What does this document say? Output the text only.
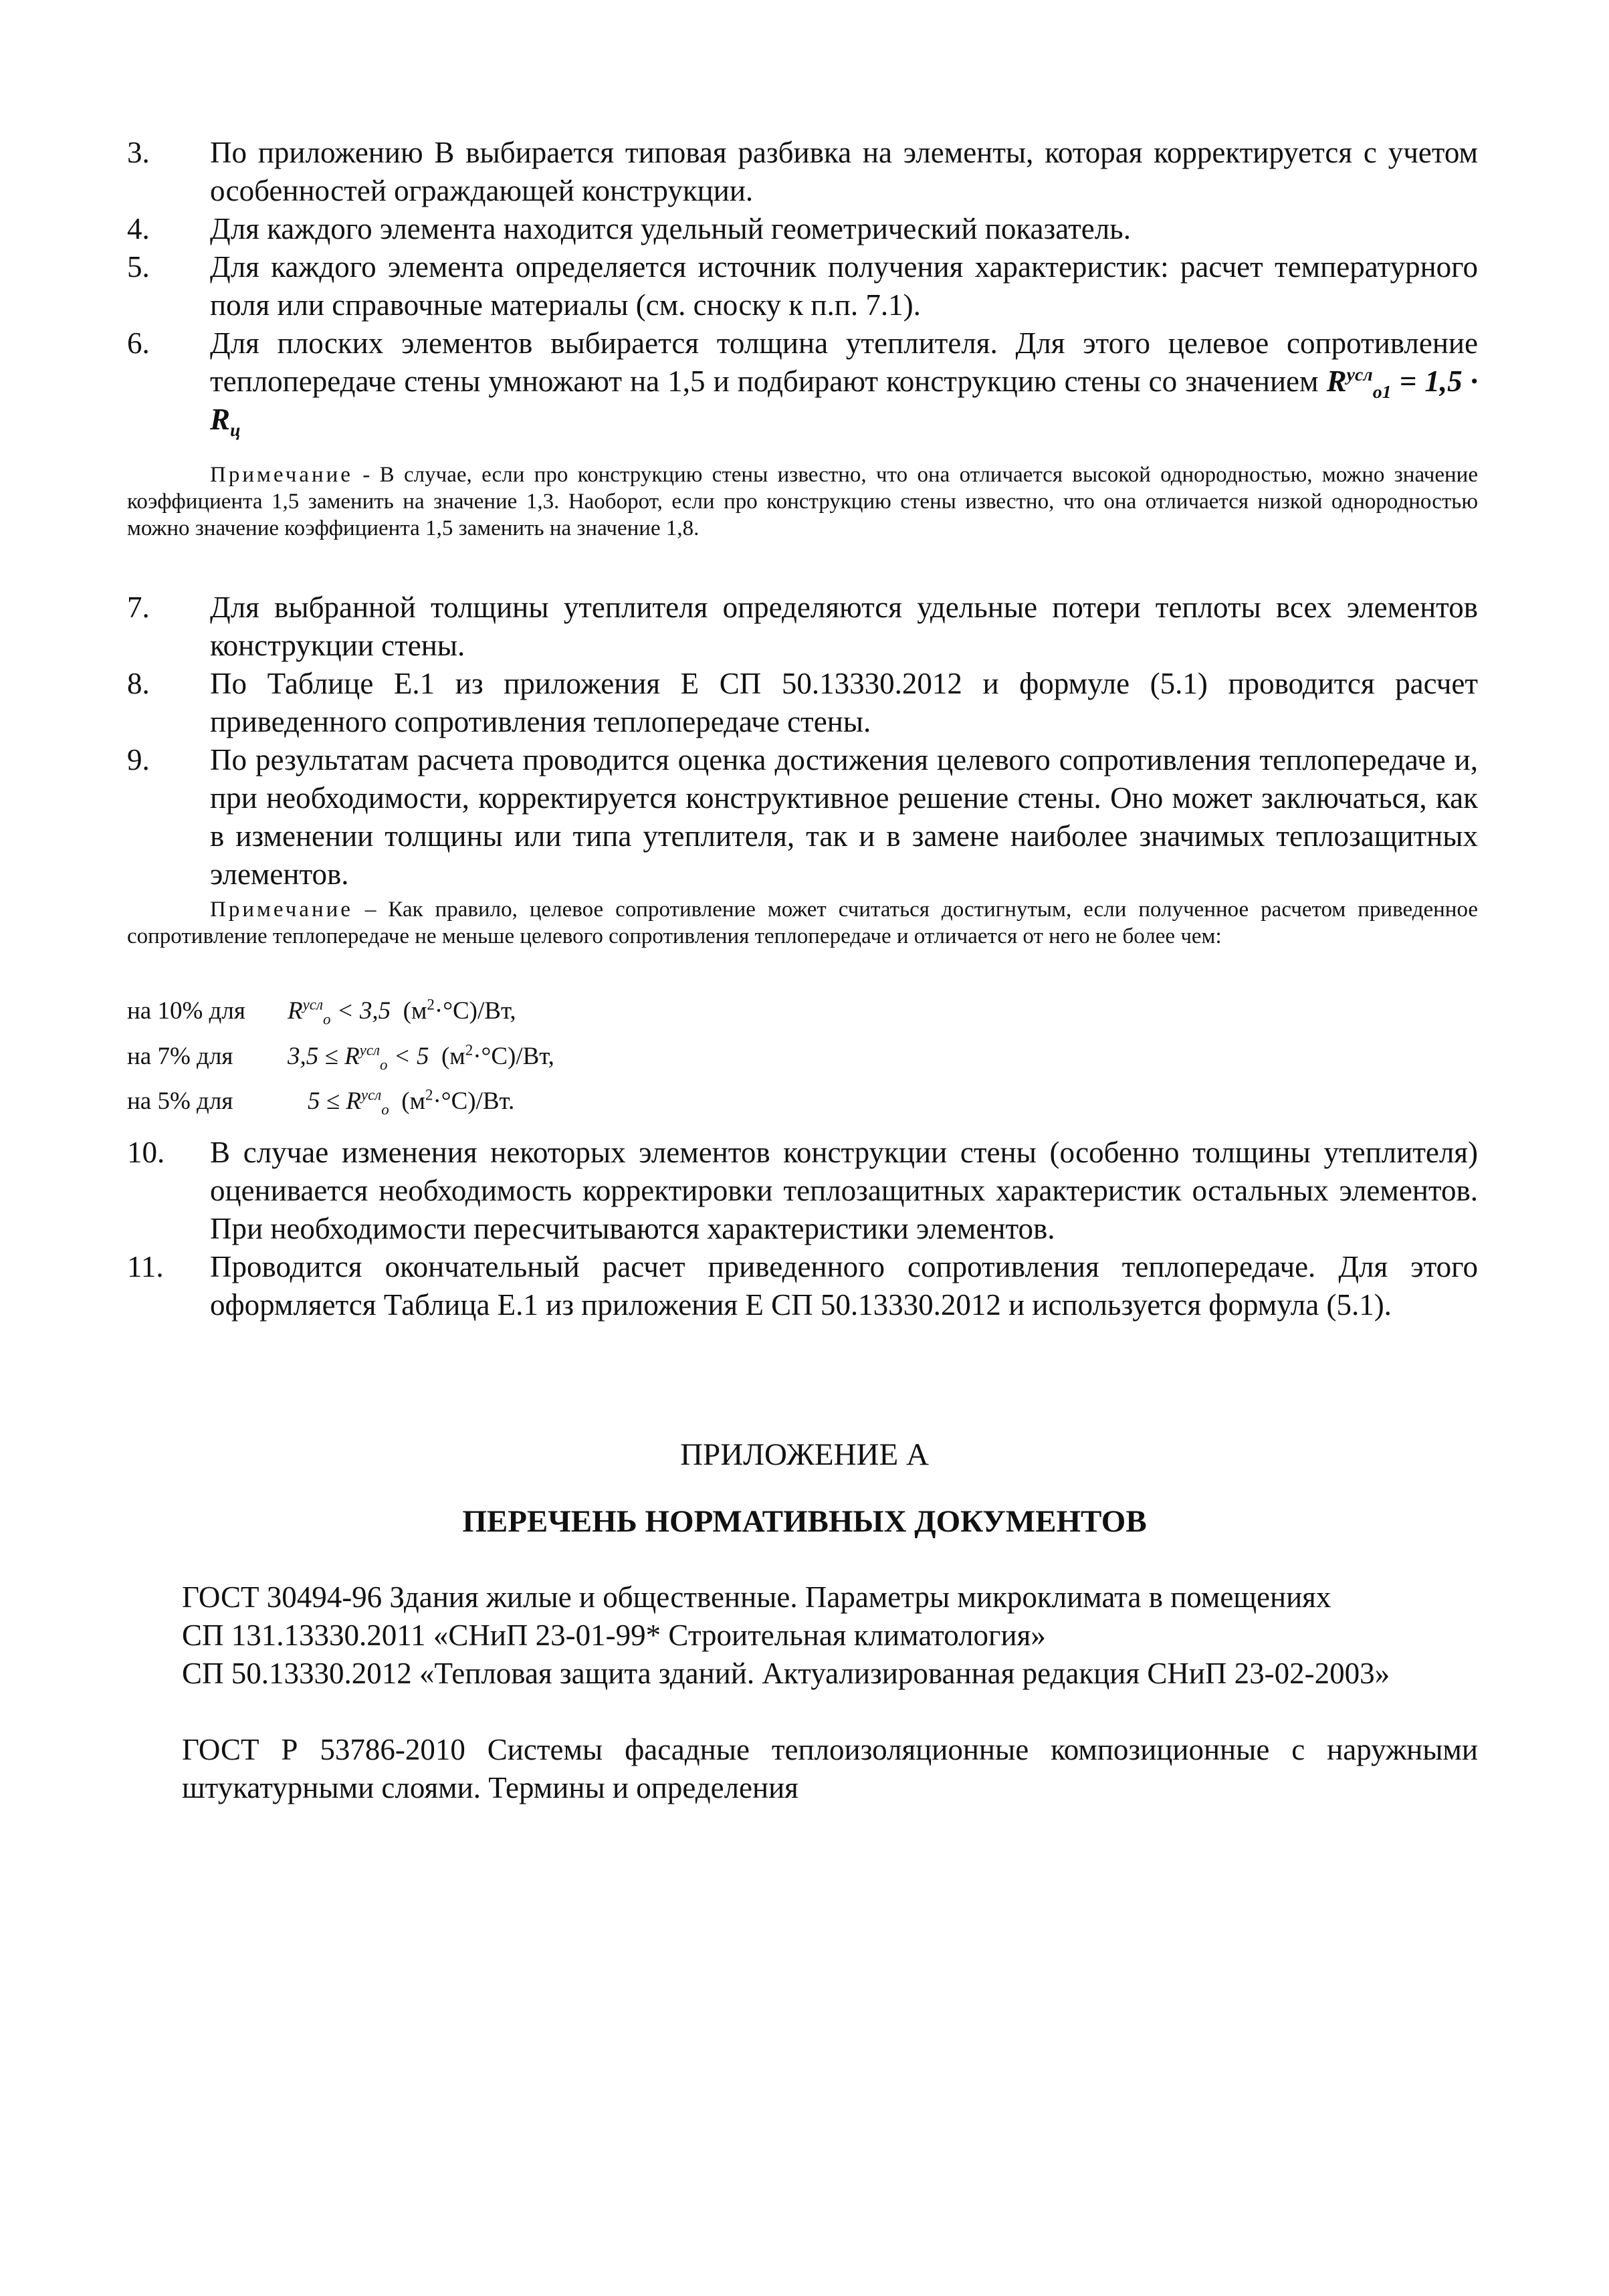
3. По приложению В выбирается типовая разбивка на элементы, которая корректируется с учетом особенностей ограждающей конструкции.
4. Для каждого элемента находится удельный геометрический показатель.
5. Для каждого элемента определяется источник получения характеристик: расчет температурного поля или справочные материалы (см. сноску к п.п. 7.1).
6. Для плоских элементов выбирается толщина утеплителя. Для этого целевое сопротивление теплопередаче стены умножают на 1,5 и подбирают конструкцию стены со значением $R^{усл}_{o1} = 1,5 \cdot R_ц$
Примечание - В случае, если про конструкцию стены известно, что она отличается высокой однородностью, можно значение коэффициента 1,5 заменить на значение 1,3. Наоборот, если про конструкцию стены известно, что она отличается низкой однородностью можно значение коэффициента 1,5 заменить на значение 1,8.
7. Для выбранной толщины утеплителя определяются удельные потери теплоты всех элементов конструкции стены.
8. По Таблице Е.1 из приложения Е СП 50.13330.2012 и формуле (5.1) проводится расчет приведенного сопротивления теплопередаче стены.
9. По результатам расчета проводится оценка достижения целевого сопротивления теплопередаче и, при необходимости, корректируется конструктивное решение стены. Оно может заключаться, как в изменении толщины или типа утеплителя, так и в замене наиболее значимых теплозащитных элементов.
Примечание – Как правило, целевое сопротивление может считаться достигнутым, если полученное расчетом приведенное сопротивление теплопередаче не меньше целевого сопротивления теплопередаче и отличается от него не более чем:
на 10% для $R^{усл}_o < 3,5$ $(м^2\cdot^\circ С)/Вт$,
на 7% для $3,5 \le R^{усл}_o < 5$ $(м^2\cdot^\circ С)/Вт$,
на 5% для	$5 \le R^{усл}_o$ $(м^2\cdot^\circ С)/Вт$.
10. В случае изменения некоторых элементов конструкции стены (особенно толщины утеплителя) оценивается необходимость корректировки теплозащитных характеристик остальных элементов. При необходимости пересчитываются характеристики элементов.
11. Проводится окончательный расчет приведенного сопротивления теплопередаче. Для этого оформляется Таблица Е.1 из приложения Е СП 50.13330.2012 и используется формула (5.1).
ПРИЛОЖЕНИЕ А
ПЕРЕЧЕНЬ НОРМАТИВНЫХ ДОКУМЕНТОВ
ГОСТ 30494-96 Здания жилые и общественные. Параметры микроклимата в помещениях
СП 131.13330.2011 «СНиП 23-01-99* Строительная климатология»
СП 50.13330.2012 «Тепловая защита зданий. Актуализированная редакция СНиП 23-02-2003»
ГОСТ Р 53786-2010 Системы фасадные теплоизоляционные композиционные с наружными штукатурными слоями. Термины и определения
